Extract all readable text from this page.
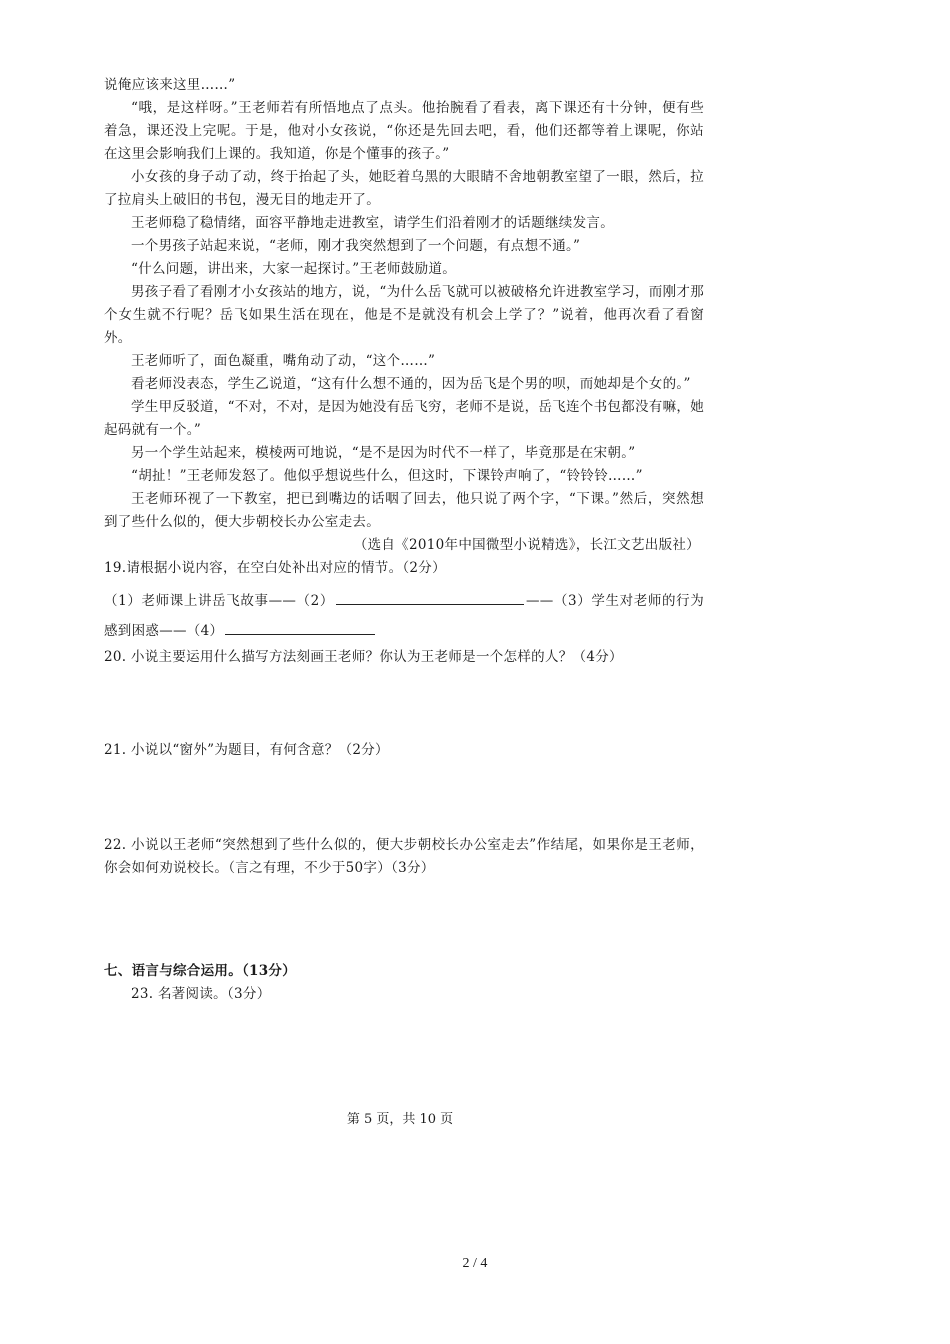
说俺应该来这里……”

“哦，是这样呀。”王老师若有所悟地点了点头。他抬腕看了看表，离下课还有十分钟，便有些着急，课还没上完呢。于是，他对小女孩说，“你还是先回去吧，看，他们还都等着上课呢，你站在这里会影响我们上课的。我知道，你是个懂事的孩子。”

小女孩的身子动了动，终于抬起了头，她眨着乌黑的大眼睛不舍地朝教室望了一眼，然后，拉了拉肩头上破旧的书包，漫无目的地走开了。

王老师稳了稳情绪，面容平静地走进教室，请学生们沿着刚才的话题继续发言。

一个男孩子站起来说，“老师，刚才我突然想到了一个问题，有点想不通。”

“什么问题，讲出来，大家一起探讨。”王老师鼓励道。

男孩子看了看刚才小女孩站的地方，说，“为什么岳飞就可以被破格允许进教室学习，而刚才那个女生就不行呢？岳飞如果生活在现在，他是不是就没有机会上学了？”说着，他再次看了看窗外。

王老师听了，面色凝重，嘴角动了动，“这个……”

看老师没表态，学生乙说道，“这有什么想不通的，因为岳飞是个男的呗，而她却是个女的。”

学生甲反驳道，“不对，不对，是因为她没有岳飞穷，老师不是说，岳飞连个书包都没有嘛，她起码就有一个。”

另一个学生站起来，模棱两可地说，“是不是因为时代不一样了，毕竟那是在宋朝。”

“胡扯！”王老师发怒了。他似乎想说些什么，但这时，下课铃声响了，“铃铃铃……”

王老师环视了一下教室，把已到嘴边的话咽了回去，他只说了两个字，“下课。”然后，突然想到了些什么似的，便大步朝校长办公室走去。

（选自《2010年中国微型小说精选》，长江文艺出版社）

19.请根据小说内容，在空白处补出对应的情节。（2分）

（1）老师课上讲岳飞故事——（2）	——（3）学生对老师的行为感到困惑——（4）

20. 小说主要运用什么描写方法刻画王老师？你认为王老师是一个怎样的人？（4分）

21. 小说以“窗外”为题目，有何含意？（2分）

22. 小说以王老师“突然想到了些什么似的，便大步朝校长办公室走去”作结尾，如果你是王老师，你会如何劝说校长。（言之有理，不少于50字）（3分）

七、语言与综合运用。（13分）

23. 名著阅读。（3分）

第 5 页，共 10 页
2 / 4
